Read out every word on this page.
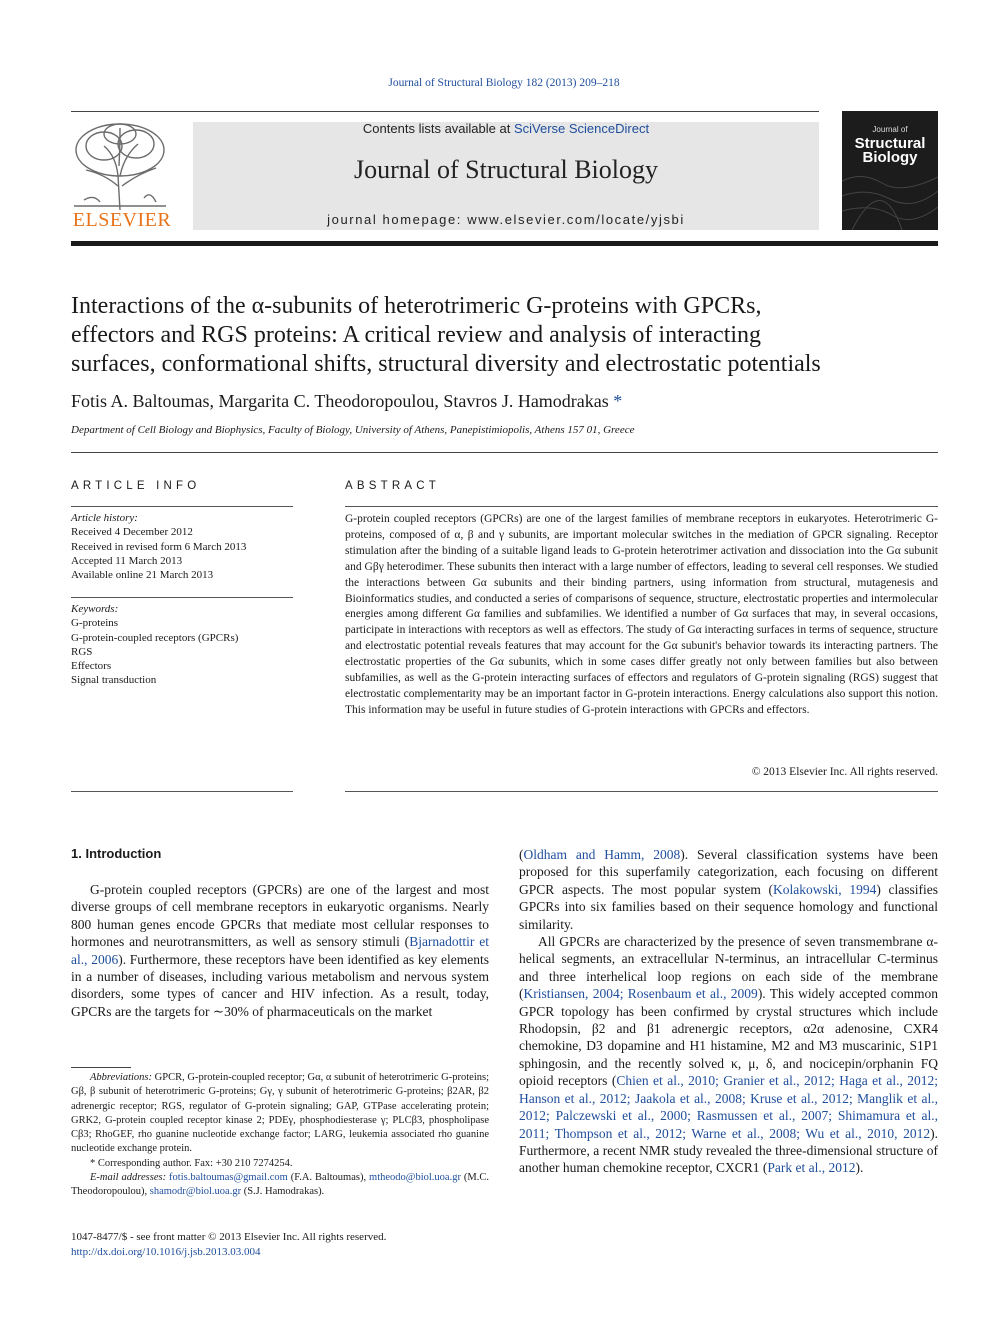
Journal of Structural Biology 182 (2013) 209–218
ELSEVIER
Contents lists available at SciVerse ScienceDirect
Journal of Structural Biology
journal homepage: www.elsevier.com/locate/yjsbi
Journal of
Structural
Biology
Interactions of the α-subunits of heterotrimeric G-proteins with GPCRs,
effectors and RGS proteins: A critical review and analysis of interacting
surfaces, conformational shifts, structural diversity and electrostatic potentials
Fotis A. Baltoumas, Margarita C. Theodoropoulou, Stavros J. Hamodrakas *
Department of Cell Biology and Biophysics, Faculty of Biology, University of Athens, Panepistimiopolis, Athens 157 01, Greece
ARTICLE INFO
Article history:
Received 4 December 2012
Received in revised form 6 March 2013
Accepted 11 March 2013
Available online 21 March 2013
Keywords:
G-proteins
G-protein-coupled receptors (GPCRs)
RGS
Effectors
Signal transduction
ABSTRACT
G-protein coupled receptors (GPCRs) are one of the largest families of membrane receptors in eukaryotes. Heterotrimeric G-proteins, composed of α, β and γ subunits, are important molecular switches in the mediation of GPCR signaling. Receptor stimulation after the binding of a suitable ligand leads to G-protein heterotrimer activation and dissociation into the Gα subunit and Gβγ heterodimer. These subunits then interact with a large number of effectors, leading to several cell responses. We studied the interactions between Gα subunits and their binding partners, using information from structural, mutagenesis and Bioinformatics studies, and conducted a series of comparisons of sequence, structure, electrostatic properties and intermolecular energies among different Gα families and subfamilies. We identified a number of Gα surfaces that may, in several occasions, participate in interactions with receptors as well as effectors. The study of Gα interacting surfaces in terms of sequence, structure and electrostatic potential reveals features that may account for the Gα subunit's behavior towards its interacting partners. The electrostatic properties of the Gα subunits, which in some cases differ greatly not only between families but also between subfamilies, as well as the G-protein interacting surfaces of effectors and regulators of G-protein signaling (RGS) suggest that electrostatic complementarity may be an important factor in G-protein interactions. Energy calculations also support this notion. This information may be useful in future studies of G-protein interactions with GPCRs and effectors.
© 2013 Elsevier Inc. All rights reserved.
1. Introduction

G-protein coupled receptors (GPCRs) are one of the largest and most diverse groups of cell membrane receptors in eukaryotic organisms. Nearly 800 human genes encode GPCRs that mediate most cellular responses to hormones and neurotransmitters, as well as sensory stimuli (Bjarnadottir et al., 2006). Furthermore, these receptors have been identified as key elements in a number of diseases, including various metabolism and nervous system disorders, some types of cancer and HIV infection. As a result, today, GPCRs are the targets for ∼30% of pharmaceuticals on the market

Abbreviations: GPCR, G-protein-coupled receptor; Gα, α subunit of heterotrimeric G-proteins; Gβ, β subunit of heterotrimeric G-proteins; Gγ, γ subunit of heterotrimeric G-proteins; β2AR, β2 adrenergic receptor; RGS, regulator of G-protein signaling; GAP, GTPase accelerating protein; GRK2, G-protein coupled receptor kinase 2; PDEγ, phosphodiesterase γ; PLCβ3, phospholipase Cβ3; RhoGEF, rho guanine nucleotide exchange factor; LARG, leukemia associated rho guanine nucleotide exchange protein.

* Corresponding author. Fax: +30 210 7274254.

E-mail addresses: fotis.baltoumas@gmail.com (F.A. Baltoumas), mtheodo@biol.uoa.gr (M.C. Theodoropoulou), shamodr@biol.uoa.gr (S.J. Hamodrakas).

1047-8477/$ - see front matter © 2013 Elsevier Inc. All rights reserved.
http://dx.doi.org/10.1016/j.jsb.2013.03.004

(Oldham and Hamm, 2008). Several classification systems have been proposed for this superfamily categorization, each focusing on different GPCR aspects. The most popular system (Kolakowski, 1994) classifies GPCRs into six families based on their sequence homology and functional similarity.

All GPCRs are characterized by the presence of seven transmembrane α-helical segments, an extracellular N-terminus, an intracellular C-terminus and three interhelical loop regions on each side of the membrane (Kristiansen, 2004; Rosenbaum et al., 2009). This widely accepted common GPCR topology has been confirmed by crystal structures which include Rhodopsin, β2 and β1 adrenergic receptors, α2α adenosine, CXR4 chemokine, D3 dopamine and H1 histamine, M2 and M3 muscarinic, S1P1 sphingosin, and the recently solved κ, μ, δ, and nocicepin/orphanin FQ opioid receptors (Chien et al., 2010; Granier et al., 2012; Haga et al., 2012; Hanson et al., 2012; Jaakola et al., 2008; Kruse et al., 2012; Manglik et al., 2012; Palczewski et al., 2000; Rasmussen et al., 2007; Shimamura et al., 2011; Thompson et al., 2012; Warne et al., 2008; Wu et al., 2010, 2012). Furthermore, a recent NMR study revealed the three-dimensional structure of another human chemokine receptor, CXCR1 (Park et al., 2012).
